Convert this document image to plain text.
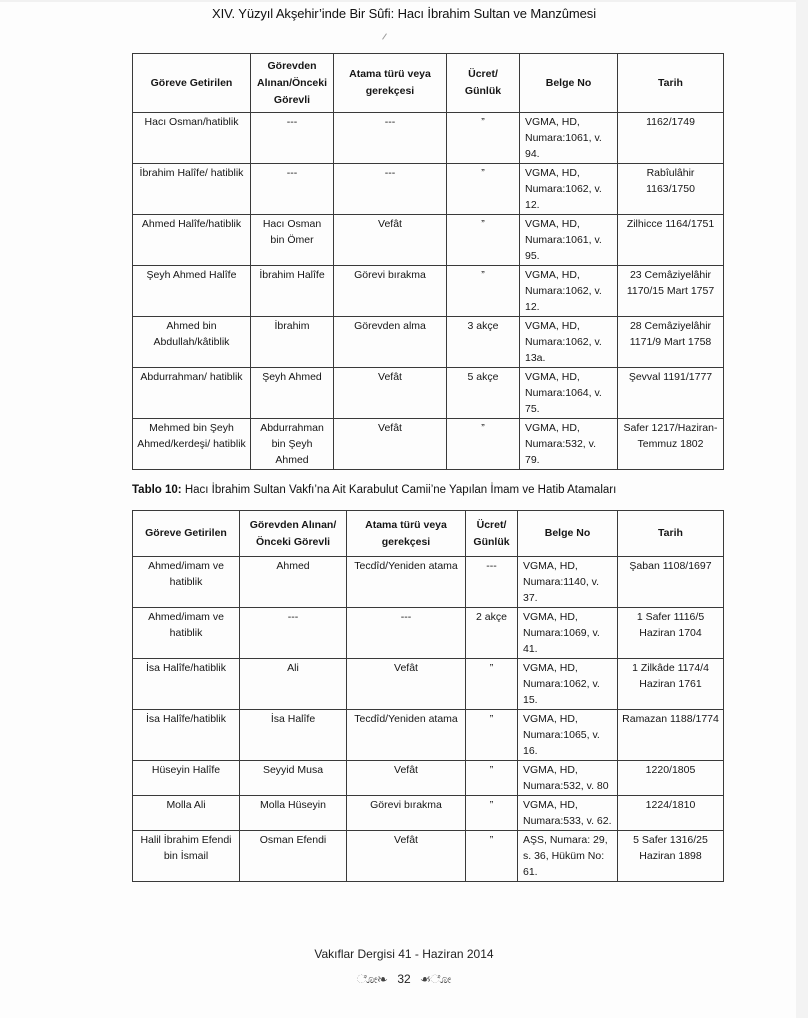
XIV. Yüzyıl Akşehir’inde Bir Sûfi: Hacı İbrahim Sultan ve Manzûmesi
Göreve Getirilen	Görevden Alınan/Önceki Görevli	Atama türü veya gerekçesi	Ücret/ Günlük	Belge No	Tarih
Hacı Osman/hatiblik	---	---	”	VGMA, HD, Numara:1061, v. 94.	1162/1749
İbrahim Halîfe/ hatiblik	---	---	”	VGMA, HD, Numara:1062, v. 12.	Rabîulâhir 1163/1750
Ahmed Halîfe/hatiblik	Hacı Osman bin Ömer	Vefât	”	VGMA, HD, Numara:1061, v. 95.	Zilhicce 1164/1751
Şeyh Ahmed Halîfe	İbrahim Halîfe	Görevi bırakma	”	VGMA, HD, Numara:1062, v. 12.	23 Cemâziyelâhir 1170/15 Mart 1757
Ahmed bin Abdullah/kâtiblik	İbrahim	Görevden alma	3 akçe	VGMA, HD, Numara:1062, v. 13a.	28 Cemâziyelâhir 1171/9 Mart 1758
Abdurrahman/ hatiblik	Şeyh Ahmed	Vefât	5 akçe	VGMA, HD, Numara:1064, v. 75.	Şevval 1191/1777
Mehmed bin Şeyh Ahmed/kerdeşi/ hatiblik	Abdurrahman bin Şeyh Ahmed	Vefât	”	VGMA, HD, Numara:532, v. 79.	Safer 1217/Haziran-Temmuz 1802
Tablo 10: Hacı İbrahim Sultan Vakfı’na Ait Karabulut Camii’ne Yapılan İmam ve Hatib Atamaları
Göreve Getirilen	Görevden Alınan/ Önceki Görevli	Atama türü veya gerekçesi	Ücret/ Günlük	Belge No	Tarih
Ahmed/imam ve hatiblik	Ahmed	Tecdîd/Yeniden atama	---	VGMA, HD, Numara:1140, v. 37.	Şaban 1108/1697
Ahmed/imam ve hatiblik	---	---	2 akçe	VGMA, HD, Numara:1069, v. 41.	1 Safer 1116/5 Haziran 1704
İsa Halîfe/hatiblik	Ali	Vefât	”	VGMA, HD, Numara:1062, v. 15.	1 Zilkâde 1174/4 Haziran 1761
İsa Halîfe/hatiblik	İsa Halîfe	Tecdîd/Yeniden atama	”	VGMA, HD, Numara:1065, v. 16.	Ramazan 1188/1774
Hüseyin Halîfe	Seyyid Musa	Vefât	”	VGMA, HD, Numara:532, v. 80	1220/1805
Molla Ali	Molla Hüseyin	Görevi bırakma	”	VGMA, HD, Numara:533, v. 62.	1224/1810
Halil İbrahim Efendi bin İsmail	Osman Efendi	Vefât	”	AŞS, Numara: 29, s. 36, Hüküm No: 61.	5 Safer 1316/25 Haziran 1898
Vakıflar Dergisi 41 - Haziran 2014
ೋ❧ 32 ☙ೋ
